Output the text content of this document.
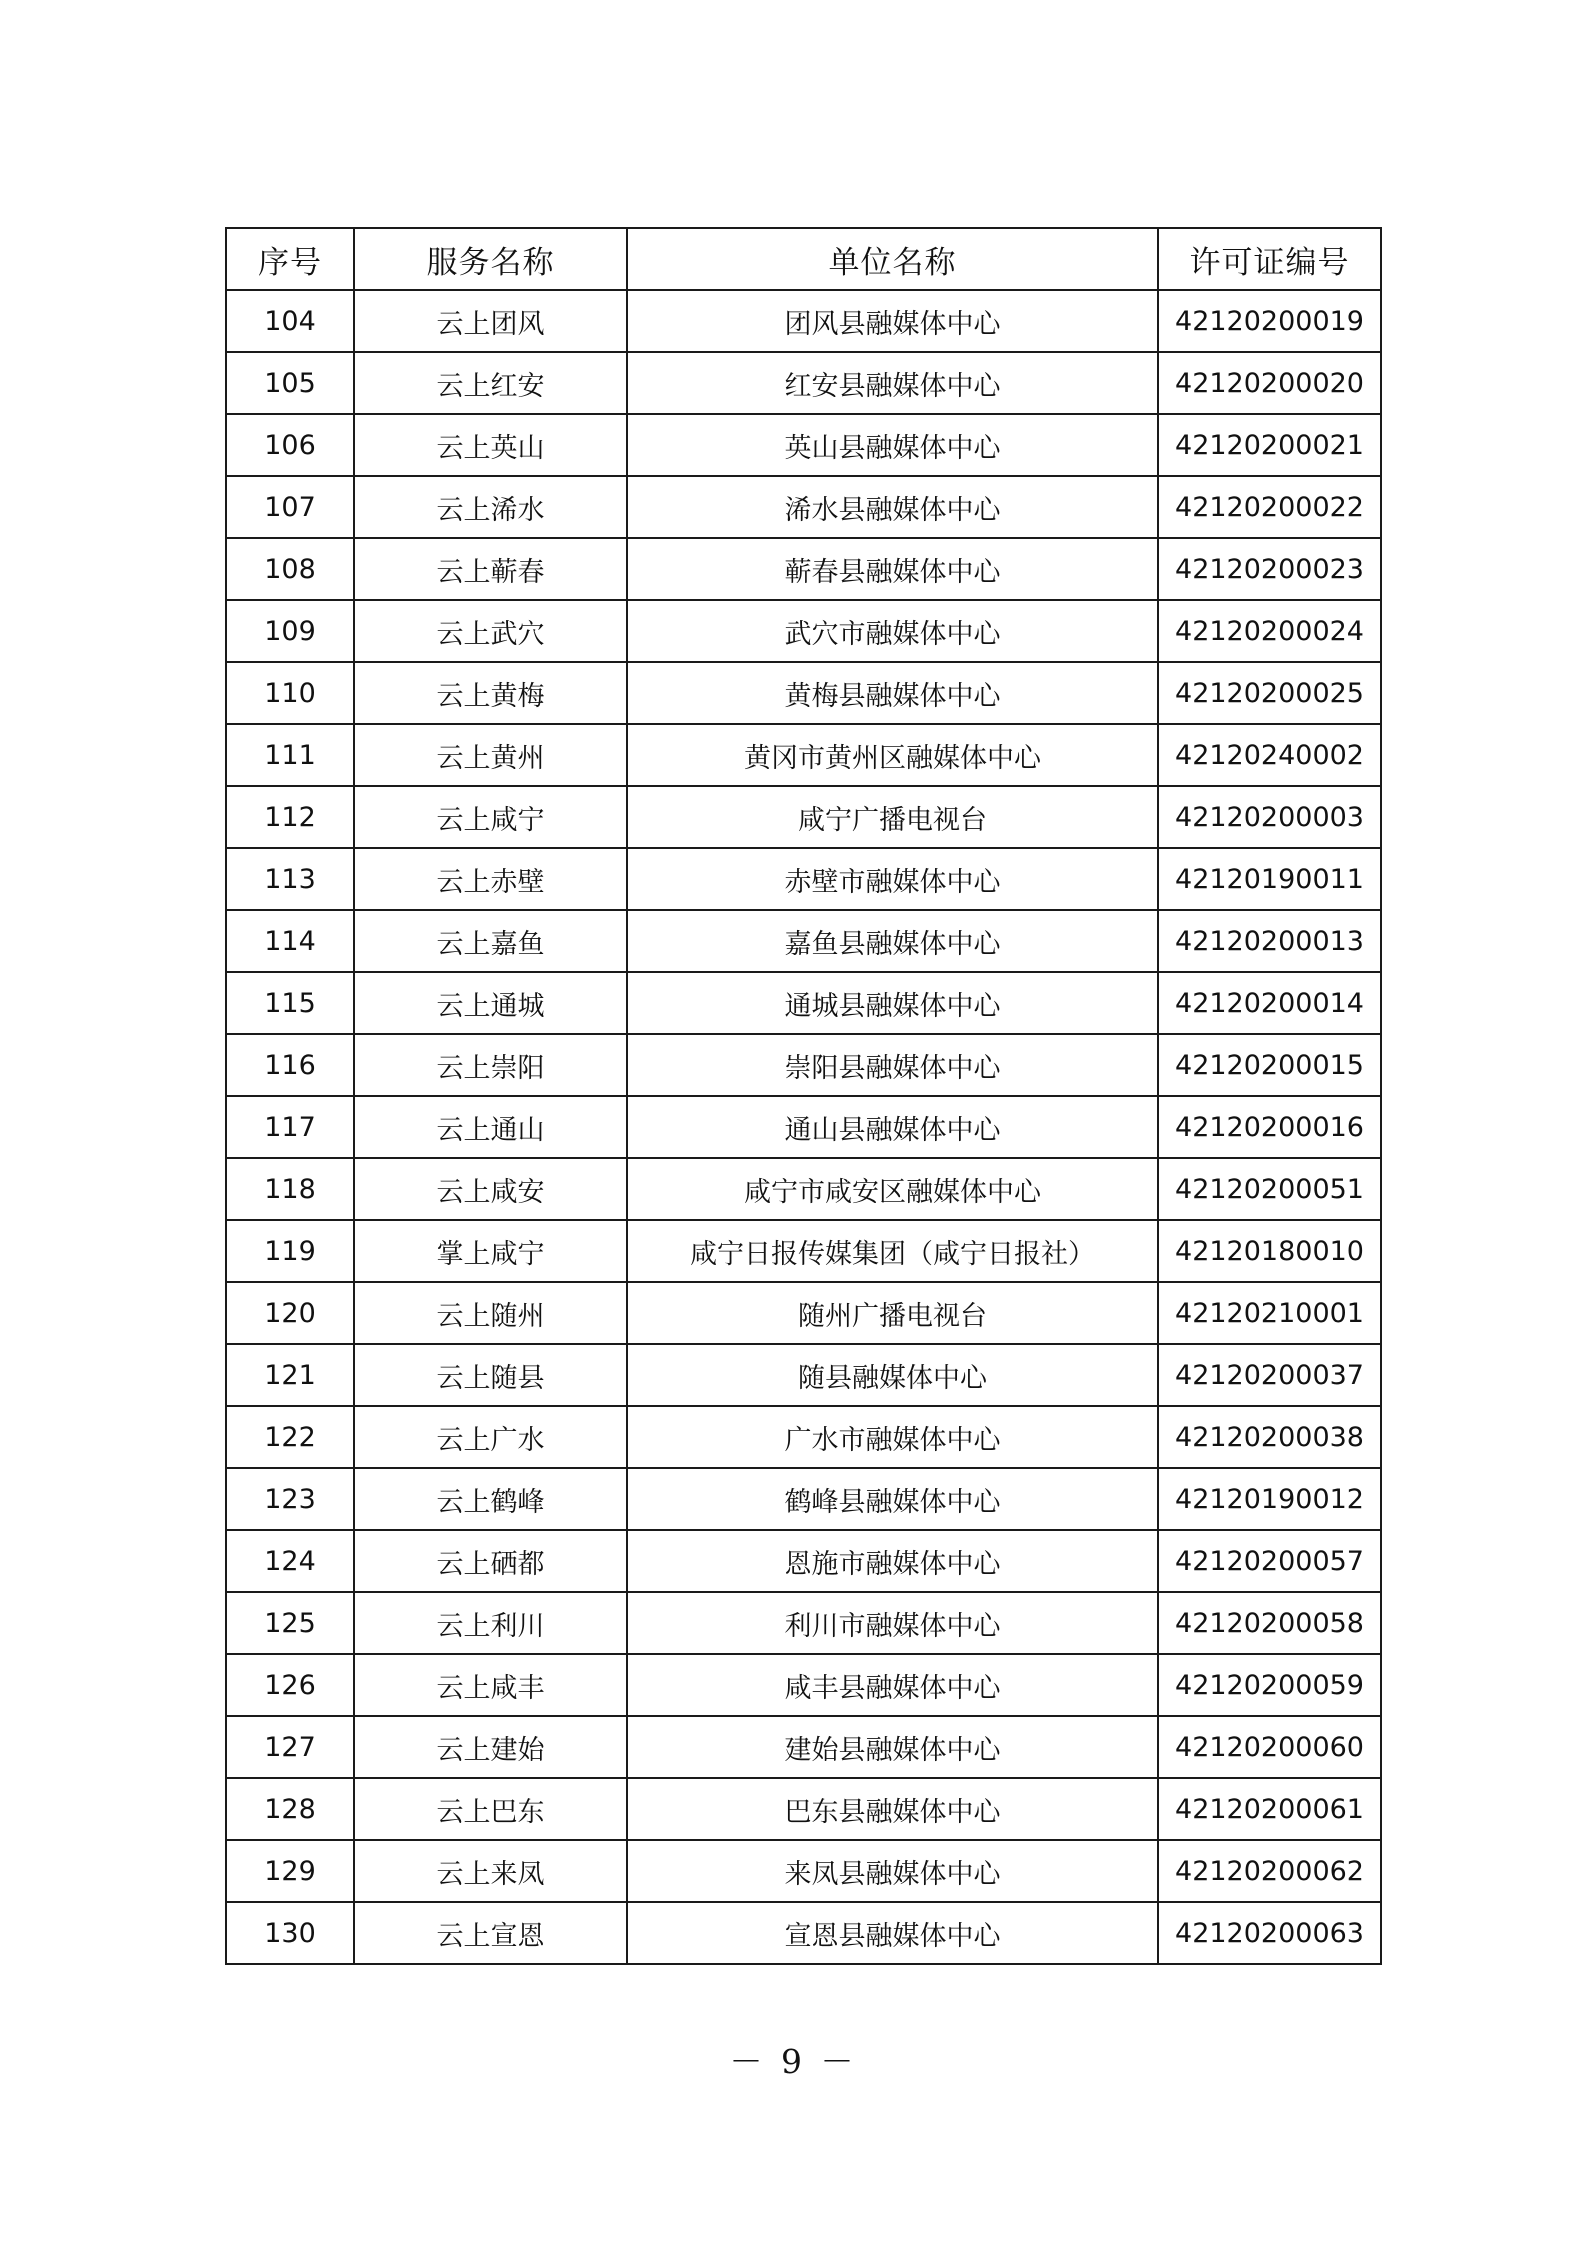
序号	服务名称	单位名称	许可证编号
104	云上团风	团风县融媒体中心	42120200019
105	云上红安	红安县融媒体中心	42120200020
106	云上英山	英山县融媒体中心	42120200021
107	云上浠水	浠水县融媒体中心	42120200022
108	云上蕲春	蕲春县融媒体中心	42120200023
109	云上武穴	武穴市融媒体中心	42120200024
110	云上黄梅	黄梅县融媒体中心	42120200025
111	云上黄州	黄冈市黄州区融媒体中心	42120240002
112	云上咸宁	咸宁广播电视台	42120200003
113	云上赤壁	赤壁市融媒体中心	42120190011
114	云上嘉鱼	嘉鱼县融媒体中心	42120200013
115	云上通城	通城县融媒体中心	42120200014
116	云上崇阳	崇阳县融媒体中心	42120200015
117	云上通山	通山县融媒体中心	42120200016
118	云上咸安	咸宁市咸安区融媒体中心	42120200051
119	掌上咸宁	咸宁日报传媒集团（咸宁日报社）	42120180010
120	云上随州	随州广播电视台	42120210001
121	云上随县	随县融媒体中心	42120200037
122	云上广水	广水市融媒体中心	42120200038
123	云上鹤峰	鹤峰县融媒体中心	42120190012
124	云上硒都	恩施市融媒体中心	42120200057
125	云上利川	利川市融媒体中心	42120200058
126	云上咸丰	咸丰县融媒体中心	42120200059
127	云上建始	建始县融媒体中心	42120200060
128	云上巴东	巴东县融媒体中心	42120200061
129	云上来凤	来凤县融媒体中心	42120200062
130	云上宣恩	宣恩县融媒体中心	42120200063
－ 9 －
